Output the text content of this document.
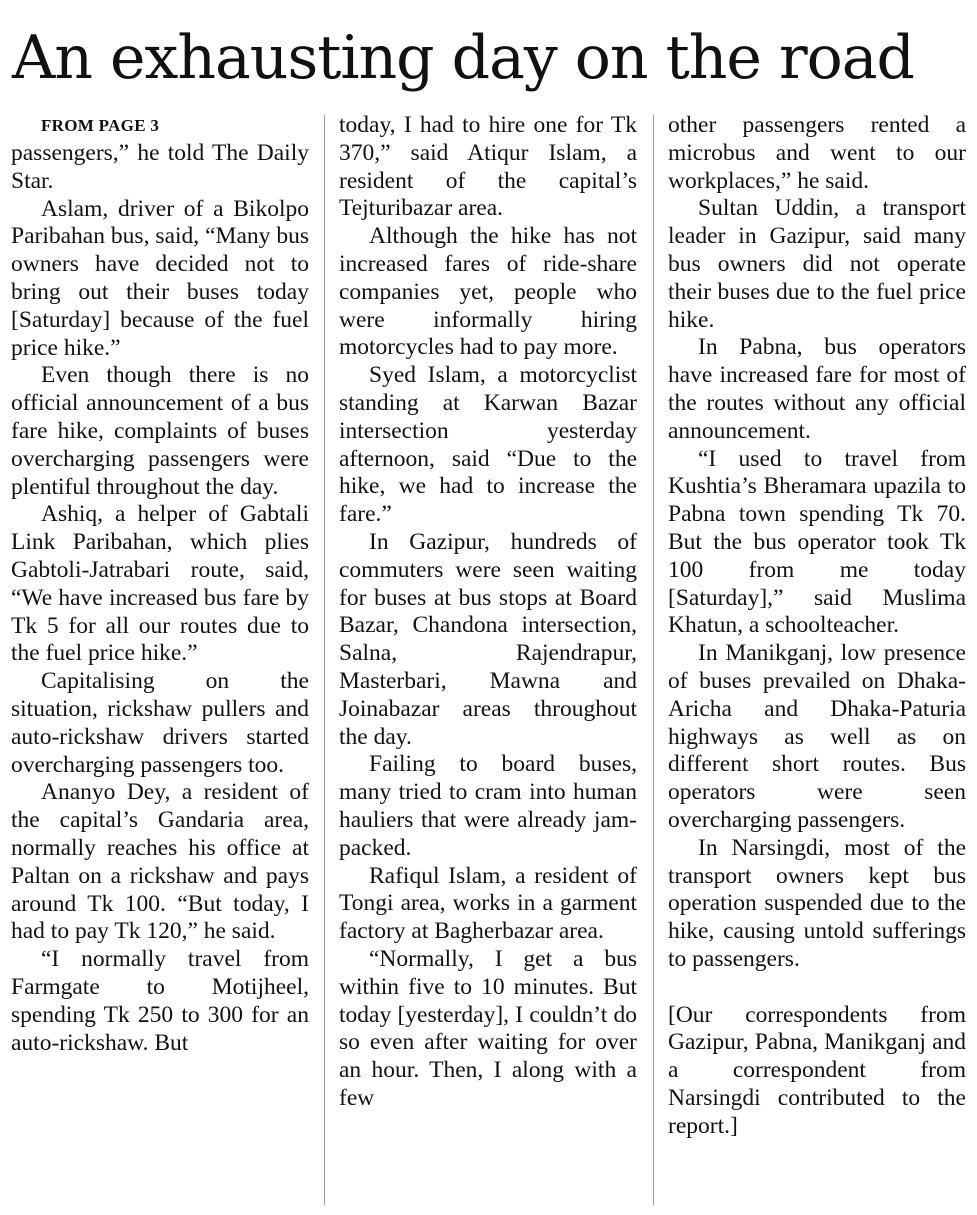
An exhausting day on the road

FROM PAGE 3

passengers,” he told The Daily Star.

Aslam, driver of a Bikolpo Paribahan bus, said, “Many bus owners have decided not to bring out their buses today [Saturday] because of the fuel price hike.”

Even though there is no official announcement of a bus fare hike, complaints of buses overcharging passengers were plentiful throughout the day.

Ashiq, a helper of Gabtali Link Paribahan, which plies Gabtoli-Jatrabari route, said, “We have increased bus fare by Tk 5 for all our routes due to the fuel price hike.”

Capitalising on the situation, rickshaw pullers and auto-rickshaw drivers started overcharging passengers too.

Ananyo Dey, a resident of the capital’s Gandaria area, normally reaches his office at Paltan on a rickshaw and pays around Tk 100. “But today, I had to pay Tk 120,” he said.

“I normally travel from Farmgate to Motijheel, spending Tk 250 to 300 for an auto-rickshaw. But

today, I had to hire one for Tk 370,” said Atiqur Islam, a resident of the capital’s Tejturibazar area.

Although the hike has not increased fares of ride-share companies yet, people who were informally hiring motorcycles had to pay more.

Syed Islam, a motorcyclist standing at Karwan Bazar intersection yesterday afternoon, said “Due to the hike, we had to increase the fare.”

In Gazipur, hundreds of commuters were seen waiting for buses at bus stops at Board Bazar, Chandona intersection, Salna, Rajendrapur, Masterbari, Mawna and Joinabazar areas throughout the day.

Failing to board buses, many tried to cram into human hauliers that were already jam-packed.

Rafiqul Islam, a resident of Tongi area, works in a garment factory at Bagherbazar area.

“Normally, I get a bus within five to 10 minutes. But today [yesterday], I couldn’t do so even after waiting for over an hour. Then, I along with a few

other passengers rented a microbus and went to our workplaces,” he said.

Sultan Uddin, a transport leader in Gazipur, said many bus owners did not operate their buses due to the fuel price hike.

In Pabna, bus operators have increased fare for most of the routes without any official announcement.

“I used to travel from Kushtia’s Bheramara upazila to Pabna town spending Tk 70. But the bus operator took Tk 100 from me today [Saturday],” said Muslima Khatun, a schoolteacher.

In Manikganj, low presence of buses prevailed on Dhaka-Aricha and Dhaka-Paturia highways as well as on different short routes. Bus operators were seen overcharging passengers.

In Narsingdi, most of the transport owners kept bus operation suspended due to the hike, causing untold sufferings to passengers.

[Our correspondents from Gazipur, Pabna, Manikganj and a correspondent from Narsingdi contributed to the report.]
